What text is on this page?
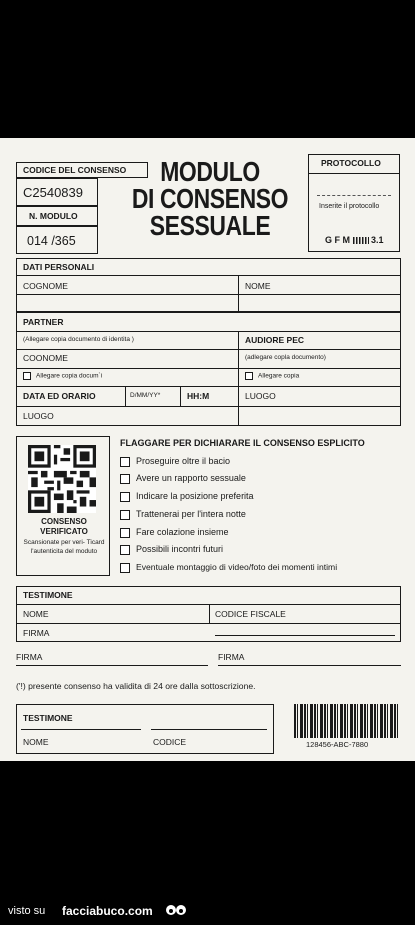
CODICE DEL CONSENSO
C2540839
N. MODULO
014 /365
MODULO
DI CONSENSO
SESSUALE
PROTOCOLLO
Inserite il protocollo
G F M 3.1
DATI PERSONALI
COGNOME	NOME
PARTNER
(Allegare copia documento di identita )	AUDIORE PEC
COONOME	(adlegare copla documento)
Allegare copia docum`i	Allegare copia
DATA ED ORARIO	D/MM/YY*	HH:M	LUOGO
LUOGO
CONSENSO VERIFICATO
Scansionate per veri- Ticard l'autenticita del moduto
FLAGGARE PER DICHIARARE IL CONSENSO ESPLICITO
Proseguire oltre il bacio
Avere un rapporto sessuale
Indicare la posizione preferita
Trattenerai per l'intera notte
Fare colazione insieme
Possibili incontri futuri
Eventuale montaggio di video/foto dei momenti intimi
TESTIMONE
NOME	CODICE FISCALE
FIRMA
FIRMA	FIRMA
('!) presente consenso ha validita di 24 ore dalla sottoscrizione.
TESTIMONE
NOME	CODICE	128456-ABC-7880
visto su facciabuco.com
